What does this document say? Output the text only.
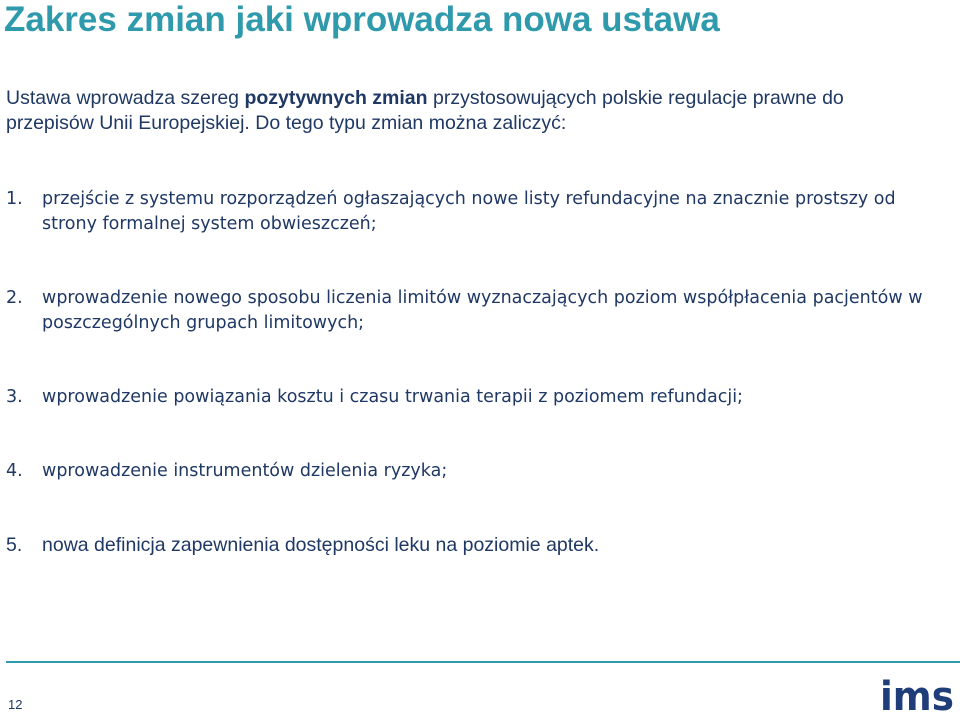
Zakres zmian jaki wprowadza nowa ustawa

Ustawa wprowadza szereg pozytywnych zmian przystosowujących polskie regulacje prawne do przepisów Unii Europejskiej. Do tego typu zmian można zaliczyć:

1. przejście z systemu rozporządzeń ogłaszających nowe listy refundacyjne na znacznie prostszy od strony formalnej system obwieszczeń;
2. wprowadzenie nowego sposobu liczenia limitów wyznaczających poziom współpłacenia pacjentów w poszczególnych grupach limitowych;
3. wprowadzenie powiązania kosztu i czasu trwania terapii z poziomem refundacji;
4. wprowadzenie instrumentów dzielenia ryzyka;
5. nowa definicja zapewnienia dostępności leku na poziomie aptek.
12	ims
